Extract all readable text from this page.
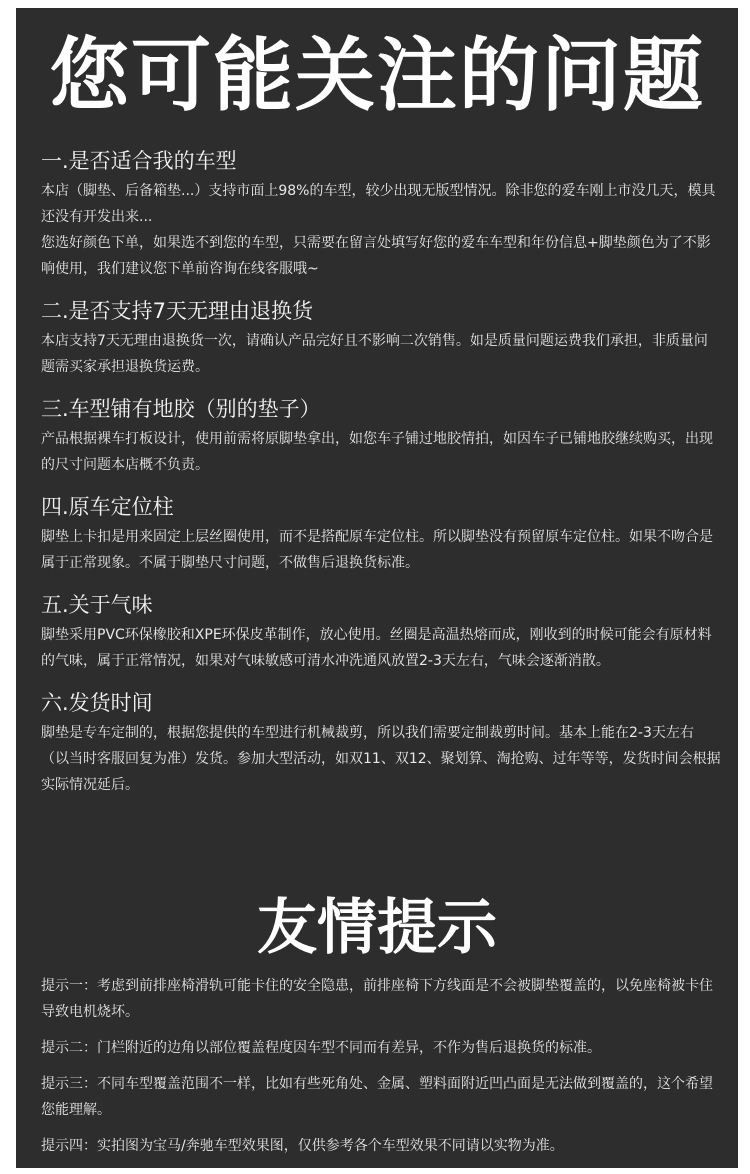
您可能关注的问题
一.是否适合我的车型

本店（脚垫、后备箱垫...）支持市面上98%的车型，较少出现无版型情况。除非您的爱车刚上市没几天，模具还没有开发出来...

您选好颜色下单，如果选不到您的车型，只需要在留言处填写好您的爱车车型和年份信息+脚垫颜色为了不影响使用，我们建议您下单前咨询在线客服哦~

二.是否支持7天无理由退换货

本店支持7天无理由退换货一次，请确认产品完好且不影响二次销售。如是质量问题运费我们承担，非质量问题需买家承担退换货运费。

三.车型铺有地胶（别的垫子）

产品根据裸车打板设计，使用前需将原脚垫拿出，如您车子铺过地胶情拍，如因车子已铺地胶继续购买，出现的尺寸问题本店概不负责。

四.原车定位柱

脚垫上卡扣是用来固定上层丝圈使用，而不是搭配原车定位柱。所以脚垫没有预留原车定位柱。如果不吻合是属于正常现象。不属于脚垫尺寸问题，不做售后退换货标准。

五.关于气味

脚垫采用PVC环保橡胶和XPE环保皮革制作，放心使用。丝圈是高温热熔而成，刚收到的时候可能会有原材料的气味，属于正常情况，如果对气味敏感可清水冲洗通风放置2-3天左右，气味会逐渐消散。

六.发货时间

脚垫是专车定制的，根据您提供的车型进行机械裁剪，所以我们需要定制裁剪时间。基本上能在2-3天左右（以当时客服回复为准）发货。参加大型活动，如双11、双12、聚划算、淘抢购、过年等等，发货时间会根据实际情况延后。

友情提示

提示一：考虑到前排座椅滑轨可能卡住的安全隐患，前排座椅下方线面是不会被脚垫覆盖的，以免座椅被卡住导致电机烧坏。

提示二：门栏附近的边角以部位覆盖程度因车型不同而有差异，不作为售后退换货的标准。

提示三：不同车型覆盖范围不一样，比如有些死角处、金属、塑料面附近凹凸面是无法做到覆盖的，这个希望您能理解。

提示四：实拍图为宝马/奔驰车型效果图，仅供参考各个车型效果不同请以实物为准。
